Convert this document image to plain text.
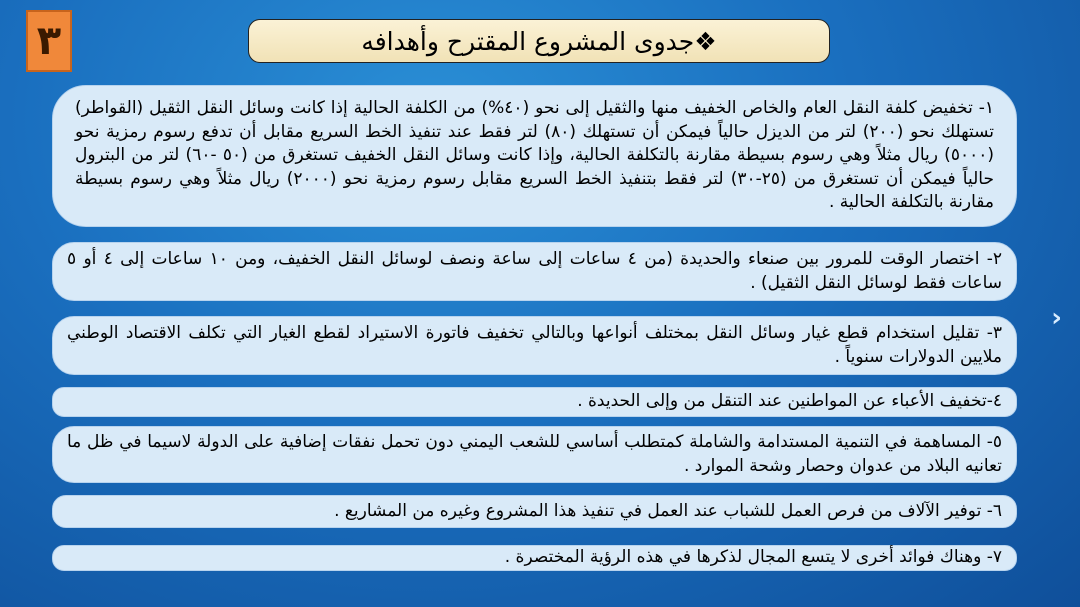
٣	❖جدوى المشروع المقترح وأهدافه
١- تخفيض كلفة النقل العام والخاص الخفيف منها والثقيل إلى نحو (٤٠%) من الكلفة الحالية إذا كانت وسائل النقل الثقيل (القواطر) تستهلك نحو (٢٠٠) لتر من الديزل حالياً فيمكن أن تستهلك (٨٠) لتر فقط عند تنفيذ الخط السريع مقابل أن تدفع رسوم رمزية نحو (٥٠٠٠) ريال مثلاً وهي رسوم بسيطة مقارنة بالتكلفة الحالية، وإذا كانت وسائل النقل الخفيف تستغرق من (٥٠ -٦٠) لتر من البترول حالياً فيمكن أن تستغرق من (٢٥-٣٠) لتر فقط بتنفيذ الخط السريع مقابل رسوم رمزية نحو (٢٠٠٠) ريال مثلاً وهي رسوم بسيطة مقارنة بالتكلفة الحالية .
٢- اختصار الوقت للمرور بين صنعاء والحديدة (من ٤ ساعات إلى ساعة ونصف لوسائل النقل الخفيف، ومن ١٠ ساعات إلى ٤ أو ٥ ساعات فقط لوسائل النقل الثقيل) .
٣- تقليل استخدام قطع غيار وسائل النقل بمختلف أنواعها وبالتالي تخفيف فاتورة الاستيراد لقطع الغيار التي تكلف الاقتصاد الوطني ملايين الدولارات سنوياً .
٤-تخفيف الأعباء عن المواطنين عند التنقل من وإلى الحديدة .
٥- المساهمة في التنمية المستدامة والشاملة كمتطلب أساسي للشعب اليمني دون تحمل نفقات إضافية على الدولة لاسيما في ظل ما تعانيه البلاد من عدوان وحصار وشحة الموارد .
٦- توفير الآلاف من فرص العمل للشباب عند العمل في تنفيذ هذا المشروع وغيره من المشاريع .
٧- وهناك فوائد أخرى لا يتسع المجال لذكرها في هذه الرؤية المختصرة .
›
